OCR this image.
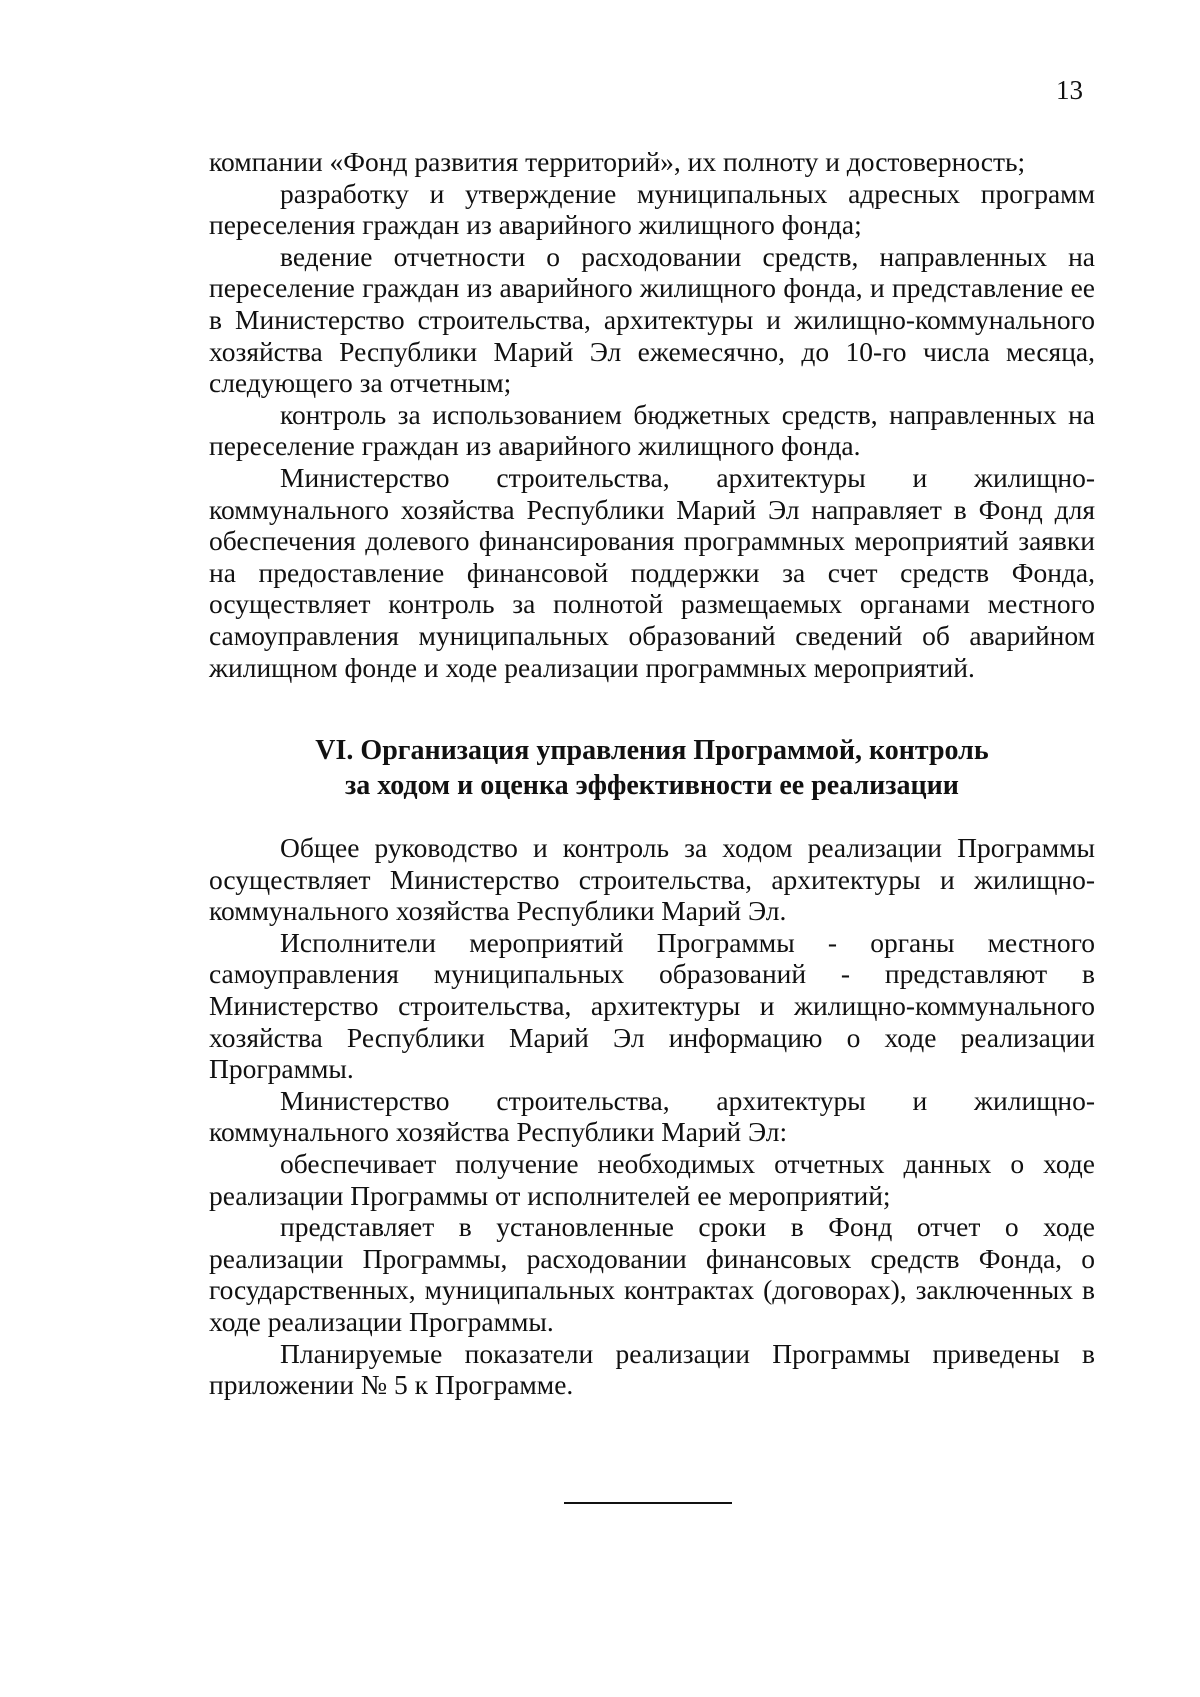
13

компании «Фонд развития территорий», их полноту и достоверность;

разработку и утверждение муниципальных адресных программ переселения граждан из аварийного жилищного фонда;

ведение отчетности о расходовании средств, направленных на переселение граждан из аварийного жилищного фонда, и представление ее в Министерство строительства, архитектуры и жилищно-коммунального хозяйства Республики Марий Эл ежемесячно, до 10-го числа месяца, следующего за отчетным;

контроль за использованием бюджетных средств, направленных на переселение граждан из аварийного жилищного фонда.

Министерство строительства, архитектуры и жилищно-коммунального хозяйства Республики Марий Эл направляет в Фонд для обеспечения долевого финансирования программных мероприятий заявки на предоставление финансовой поддержки за счет средств Фонда, осуществляет контроль за полнотой размещаемых органами местного самоуправления муниципальных образований сведений об аварийном жилищном фонде и ходе реализации программных мероприятий.

VI. Организация управления Программой, контроль
за ходом и оценка эффективности ее реализации

Общее руководство и контроль за ходом реализации Программы осуществляет Министерство строительства, архитектуры и жилищно-коммунального хозяйства Республики Марий Эл.

Исполнители мероприятий Программы - органы местного самоуправления муниципальных образований - представляют в Министерство строительства, архитектуры и жилищно-коммунального хозяйства Республики Марий Эл информацию о ходе реализации Программы.

Министерство строительства, архитектуры и жилищно-коммунального хозяйства Республики Марий Эл:

обеспечивает получение необходимых отчетных данных о ходе реализации Программы от исполнителей ее мероприятий;

представляет в установленные сроки в Фонд отчет о ходе реализации Программы, расходовании финансовых средств Фонда, о государственных, муниципальных контрактах (договорах), заключенных в ходе реализации Программы.

Планируемые показатели реализации Программы приведены в приложении № 5 к Программе.
